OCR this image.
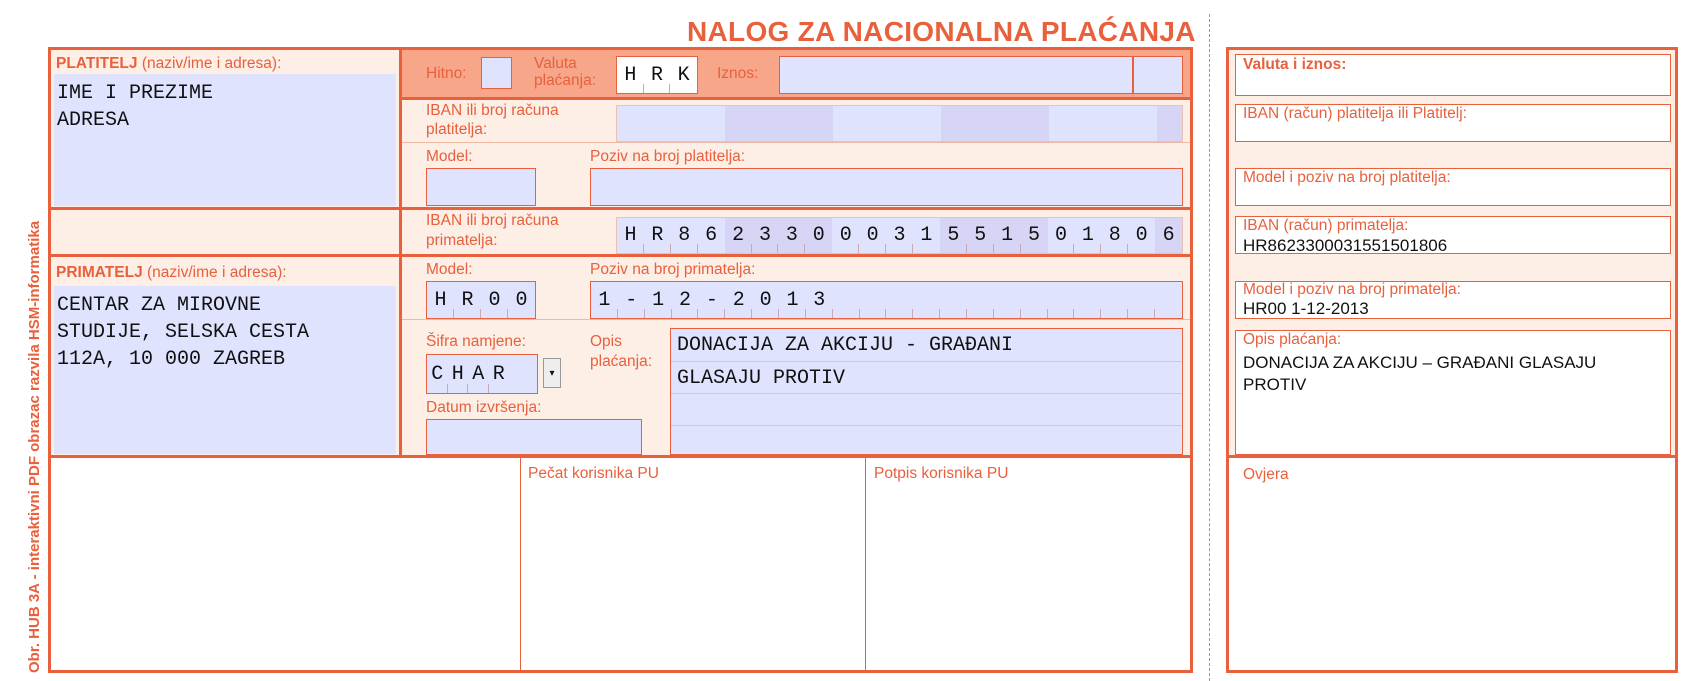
NALOG ZA NACIONALNA PLAĆANJA
Obr. HUB 3A - interaktivni PDF obrazac razvila HSM-informatika
PLATITELJ (naziv/ime i adresa):
IME I PREZIME
ADRESA
Hitno:
Valuta
plaćanja:	H R K	Iznos:
IBAN ili broj računa
platitelja:
Model:	Poziv na broj platitelja:
IBAN ili broj računa
primatelja:	H R 8 6 2 3 3 0 0 0 3 1 5 5 1 5 0 1 8 0 6
PRIMATELJ (naziv/ime i adresa):
CENTAR ZA MIROVNE
STUDIJE, SELSKA CESTA
112A, 10 000 ZAGREB
Model:
H R 0 0
Poziv na broj primatelja:
1 - 1 2 - 2 0 1 3
Šifra namjene:
C H A R	▾
Datum izvršenja:
Opis
plaćanja:
DONACIJA ZA AKCIJU - GRAĐANI
GLASAJU PROTIV
Pečat korisnika PU	Potpis korisnika PU
Valuta i iznos:
IBAN (račun) platitelja ili Platitelj:
Model i poziv na broj platitelja:
IBAN (račun) primatelja:
HR8623300031551501806
Model i poziv na broj primatelja:
HR00 1-12-2013
Opis plaćanja:
DONACIJA ZA AKCIJU – GRAĐANI GLASAJU PROTIV
Ovjera
